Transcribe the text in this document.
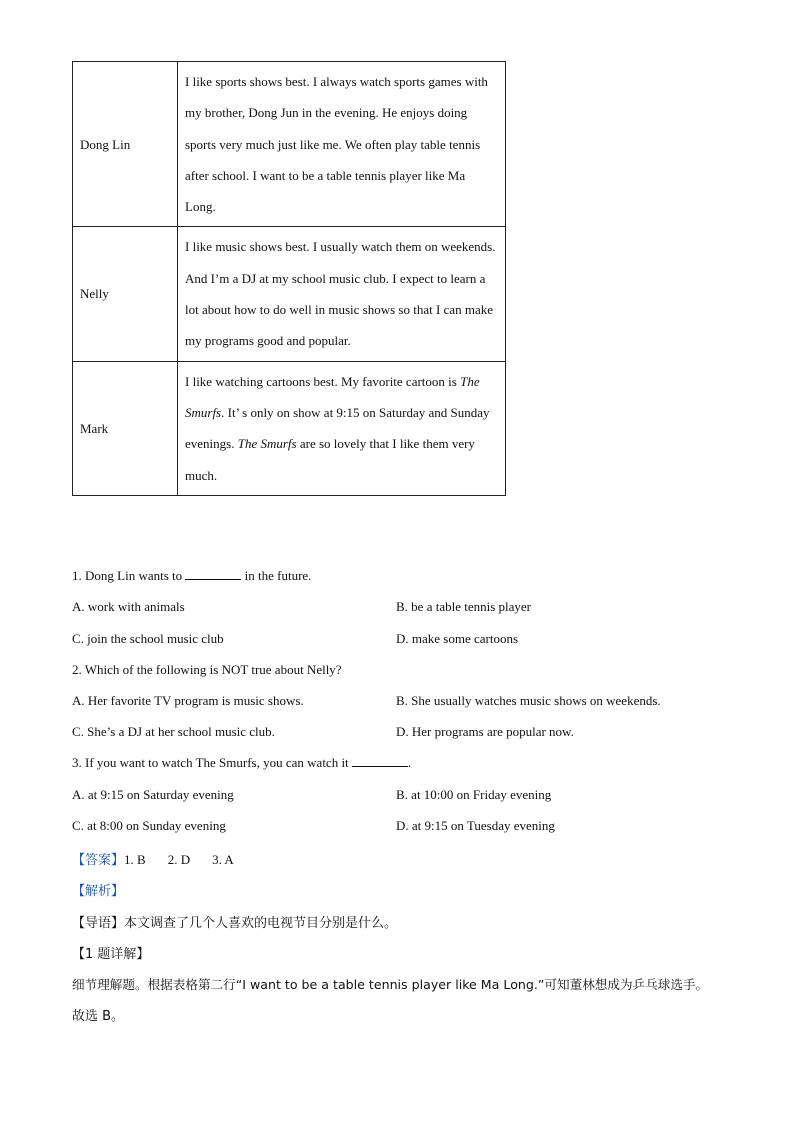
Dong Lin	I like sports shows best. I always watch sports games with my brother, Dong Jun in the evening. He enjoys doing sports very much just like me. We often play table tennis after school. I want to be a table tennis player like Ma Long.
Nelly	I like music shows best. I usually watch them on weekends. And I’m a DJ at my school music club. I expect to learn a lot about how to do well in music shows so that I can make my programs good and popular.
Mark	I like watching cartoons best. My favorite cartoon is The Smurfs. It’ s only on show at 9:15 on Saturday and Sunday evenings. The Smurfs are so lovely that I like them very much.
1. Dong Lin wants to	in the future.
A. work with animals	B. be a table tennis player
C. join the school music club	D. make some cartoons
2. Which of the following is NOT true about Nelly?
A. Her favorite TV program is music shows.	B. She usually watches music shows on weekends.
C. She’s a DJ at her school music club.	D. Her programs are popular now.
3. If you want to watch The Smurfs, you can watch it	.
A. at 9:15 on Saturday evening	B. at 10:00 on Friday evening
C. at 8:00 on Sunday evening	D. at 9:15 on Tuesday evening
【答案】1. B 2. D 3. A
【解析】
【导语】本文调查了几个人喜欢的电视节目分别是什么。
【1 题详解】
细节理解题。根据表格第二行“I want to be a table tennis player like Ma Long.”可知董林想成为乒乓球选手。
故选 B。
